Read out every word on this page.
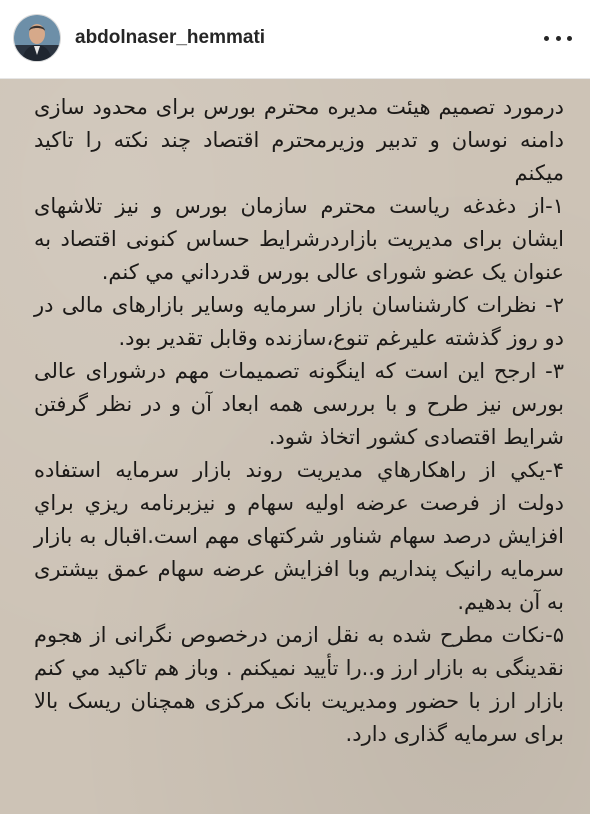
abdolnaser_hemmati

درمورد تصمیم هیئت مدیره محترم بورس برای محدود سازی دامنه نوسان و تدبیر وزیرمحترم اقتصاد چند نکته را تاکید میکنم

۱-از دغدغه ریاست محترم سازمان بورس و نیز تلاشهای ایشان برای مدیریت بازاردرشرایط حساس کنونی اقتصاد به عنوان یک عضو شورای عالی بورس قدرداني مي كنم.

۲- نظرات کارشناسان بازار سرمایه وسایر بازارهای مالی در دو روز گذشته علیرغم تنوع،سازنده وقابل تقدیر بود.

۳- ارجح این است که اینگونه تصمیمات مهم درشورای عالی بورس نیز طرح و با بررسی همه ابعاد آن و در نظر گرفتن شرایط اقتصادی کشور اتخاذ شود.

۴-یکي از راهکارهاي مدیریت روند بازار سرمایه استفاده دولت از فرصت عرضه اولیه سهام و نیزبرنامه ریزي براي افزایش درصد سهام شناور شرکتهای مهم است.اقبال به بازار سرمایه رانیک پنداریم وبا افزایش عرضه سهام عمق بیشتری به آن بدهیم.

۵-نکات مطرح شده به نقل ازمن درخصوص نگرانی از هجوم نقدینگی به بازار ارز و..را تأیید نمیکنم . وباز هم تاکید مي کنم بازار ارز با حضور ومدیریت بانک مرکزی همچنان ریسک بالا برای سرمایه گذاری دارد.
